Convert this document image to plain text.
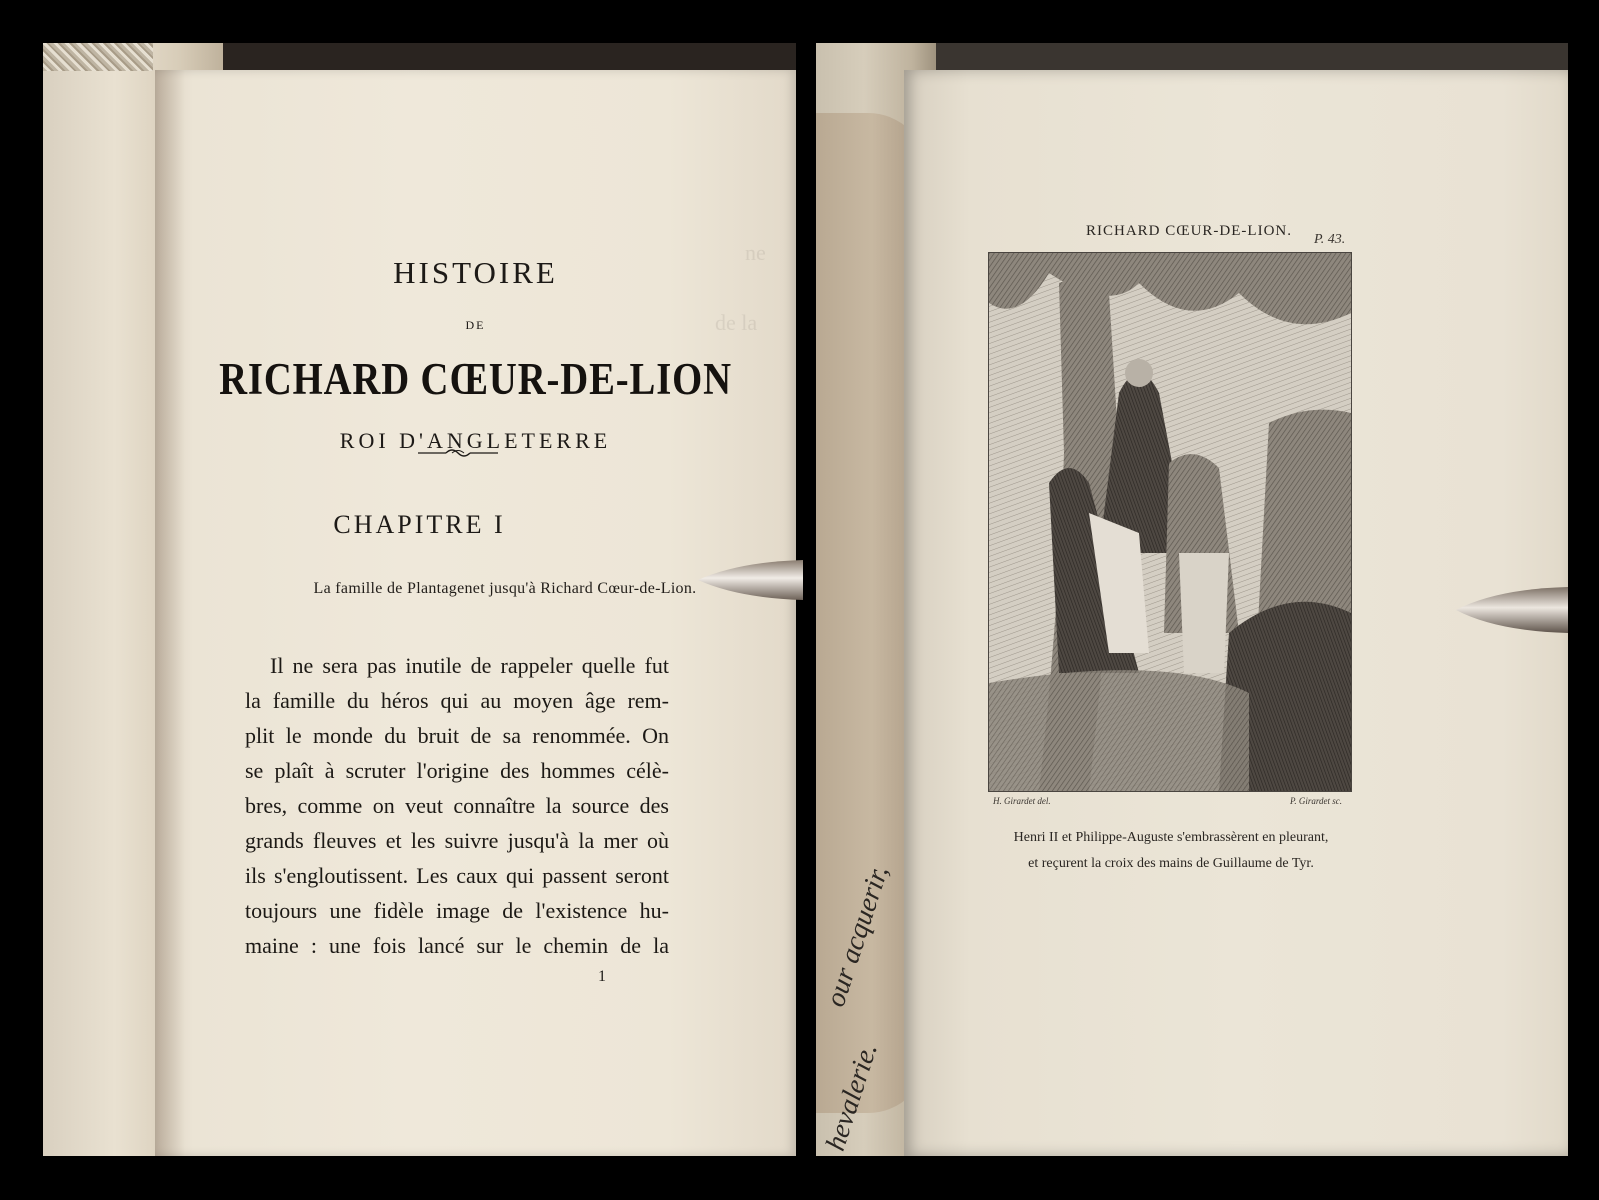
ne
de la
HISTOIRE
DE
RICHARD CŒUR-DE-LION
ROI D'ANGLETERRE
CHAPITRE I
La famille de Plantagenet jusqu'à Richard Cœur-de-Lion.
Il ne sera pas inutile de rappeler quelle fut
la famille du héros qui au moyen âge rem-
plit le monde du bruit de sa renommée. On
se plaît à scruter l'origine des hommes célè-
bres, comme on veut connaître la source des
grands fleuves et les suivre jusqu'à la mer où
ils s'engloutissent. Les caux qui passent seront
toujours une fidèle image de l'existence hu-
maine : une fois lancé sur le chemin de la
1	our acquerir,
hevalerie.
RICHARD CŒUR-DE-LION.
P. 43.
H. Girardet del.	P. Girardet sc.
Henri II et Philippe-Auguste s'embrassèrent en pleurant,
et reçurent la croix des mains de Guillaume de Tyr.
